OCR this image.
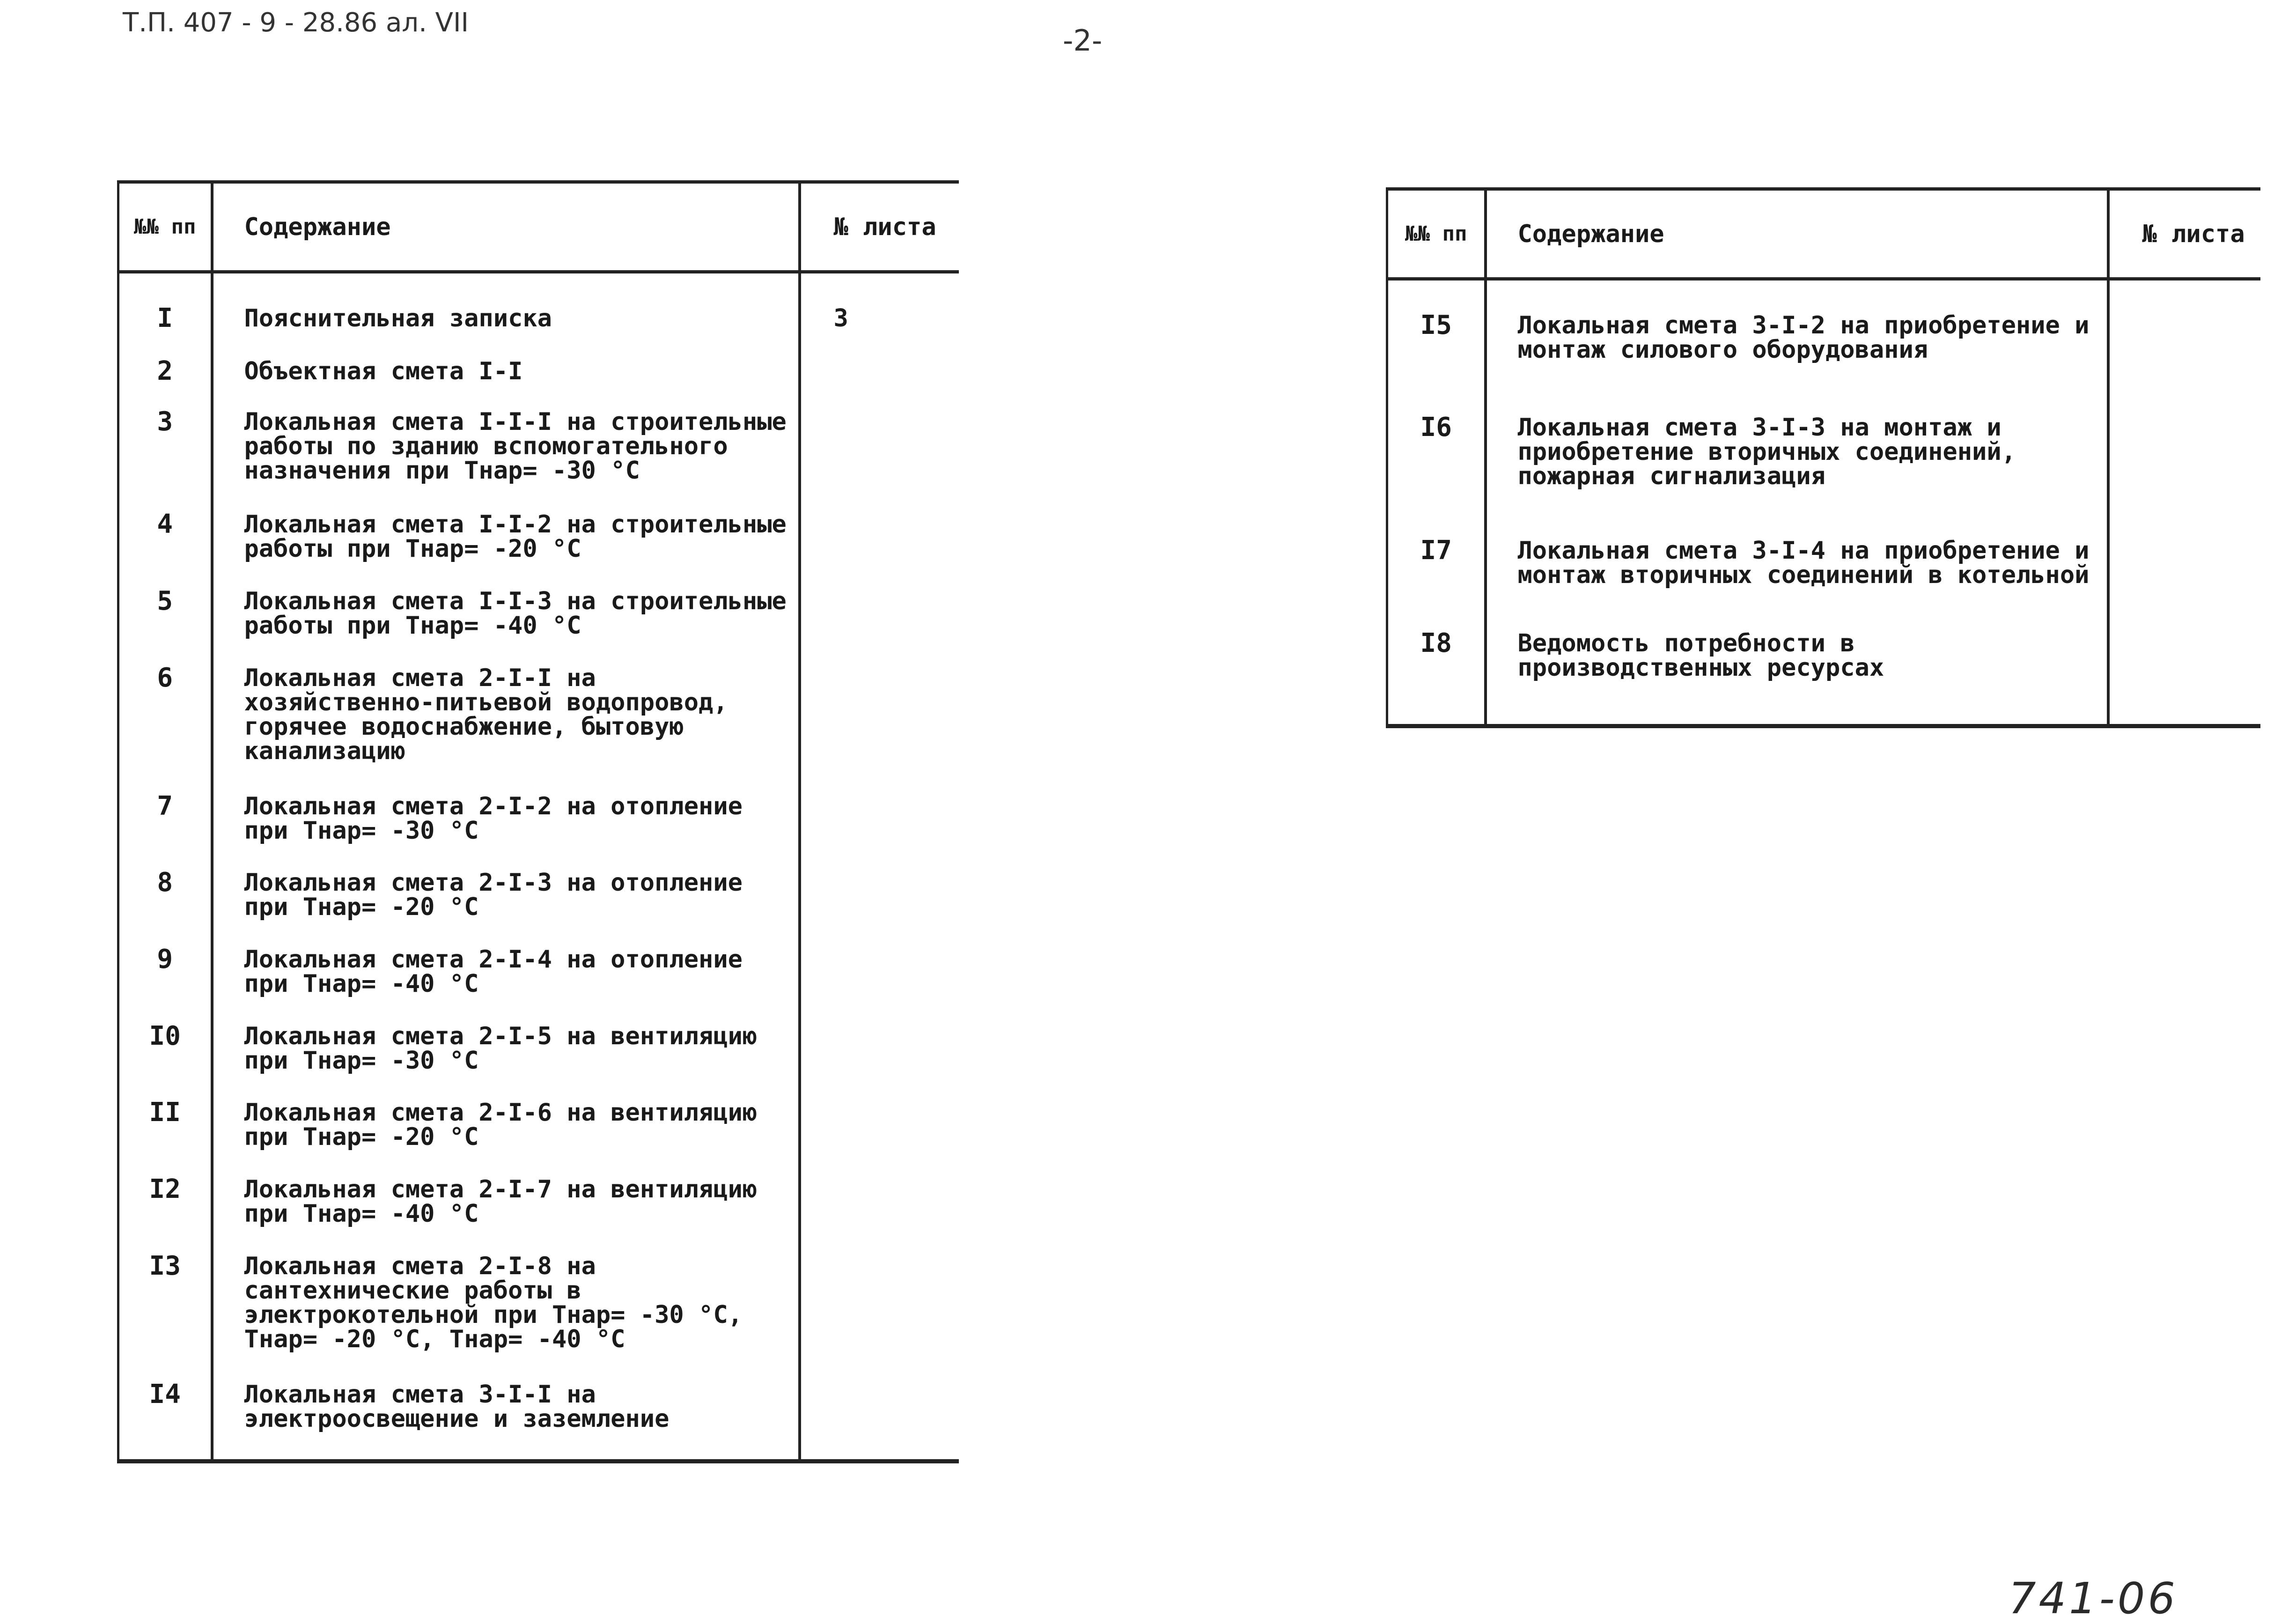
Т.П. 407 - 9 - 28.86 ал. VII
-2-
№№ пп	Содержание	№ листа
I	Пояснительная записка	3
2	Объектная смета I-I	
3	Локальная смета I-I-I на строительные работы по зданию вспомогательного назначения при Тнар= -30 °С	
4	Локальная смета I-I-2 на строительные работы при Тнар= -20 °С	
5	Локальная смета I-I-3 на строительные работы при Тнар= -40 °С	
6	Локальная смета 2-I-I на хозяйственно-питьевой водопровод, горячее водоснабжение, бытовую канализацию	
7	Локальная смета 2-I-2 на отопление при Тнар= -30 °С	
8	Локальная смета 2-I-3 на отопление при Тнар= -20 °С	
9	Локальная смета 2-I-4 на отопление при Тнар= -40 °С	
I0	Локальная смета 2-I-5 на вентиляцию при Тнар= -30 °С	
II	Локальная смета 2-I-6 на вентиляцию при Тнар= -20 °С	
I2	Локальная смета 2-I-7 на вентиляцию при Тнар= -40 °С	
I3	Локальная смета 2-I-8 на сантехнические работы в электрокотельной при Тнар= -30 °С, Тнар= -20 °С, Тнар= -40 °С	
I4	Локальная смета 3-I-I на электроосвещение и заземление	

№№ пп	Содержание	№ листа
I5	Локальная смета 3-I-2 на приобретение и монтаж силового оборудования	
I6	Локальная смета 3-I-3 на монтаж и приобретение вторичных соединений, пожарная сигнализация	
I7	Локальная смета 3-I-4 на приобретение и монтаж вторичных соединений в котельной	
I8	Ведомость потребности в производственных ресурсах	

741-06
